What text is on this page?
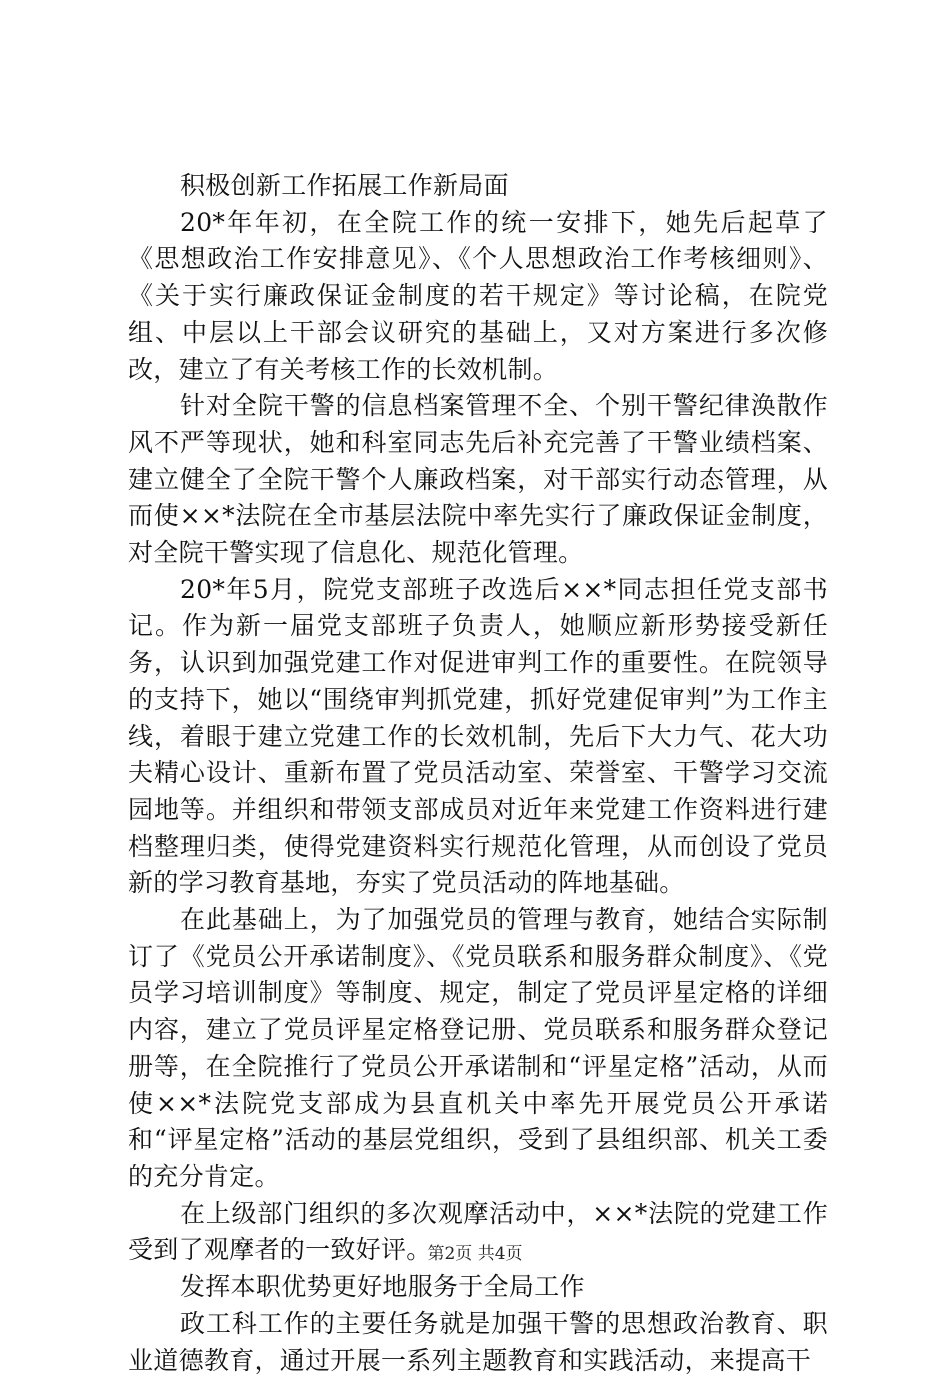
积极创新工作拓展工作新局面

20*年年初，在全院工作的统一安排下，她先后起草了《思想政治工作安排意见》、《个人思想政治工作考核细则》、《关于实行廉政保证金制度的若干规定》等讨论稿，在院党组、中层以上干部会议研究的基础上，又对方案进行多次修改，建立了有关考核工作的长效机制。

针对全院干警的信息档案管理不全、个别干警纪律涣散作风不严等现状，她和科室同志先后补充完善了干警业绩档案、建立健全了全院干警个人廉政档案，对干部实行动态管理，从而使××*法院在全市基层法院中率先实行了廉政保证金制度，对全院干警实现了信息化、规范化管理。

20*年5月，院党支部班子改选后××*同志担任党支部书记。作为新一届党支部班子负责人，她顺应新形势接受新任务，认识到加强党建工作对促进审判工作的重要性。在院领导的支持下，她以“围绕审判抓党建，抓好党建促审判”为工作主线，着眼于建立党建工作的长效机制，先后下大力气、花大功夫精心设计、重新布置了党员活动室、荣誉室、干警学习交流园地等。并组织和带领支部成员对近年来党建工作资料进行建档整理归类，使得党建资料实行规范化管理，从而创设了党员新的学习教育基地，夯实了党员活动的阵地基础。

在此基础上，为了加强党员的管理与教育，她结合实际制订了《党员公开承诺制度》、《党员联系和服务群众制度》、《党员学习培训制度》等制度、规定，制定了党员评星定格的详细内容，建立了党员评星定格登记册、党员联系和服务群众登记册等，在全院推行了党员公开承诺制和“评星定格”活动，从而使××*法院党支部成为县直机关中率先开展党员公开承诺和“评星定格”活动的基层党组织，受到了县组织部、机关工委的充分肯定。

在上级部门组织的多次观摩活动中，××*法院的党建工作受到了观摩者的一致好评。

发挥本职优势更好地服务于全局工作

政工科工作的主要任务就是加强干警的思想政治教育、职业道德教育，通过开展一系列主题教育和实践活动，来提高干

第2页 共4页
